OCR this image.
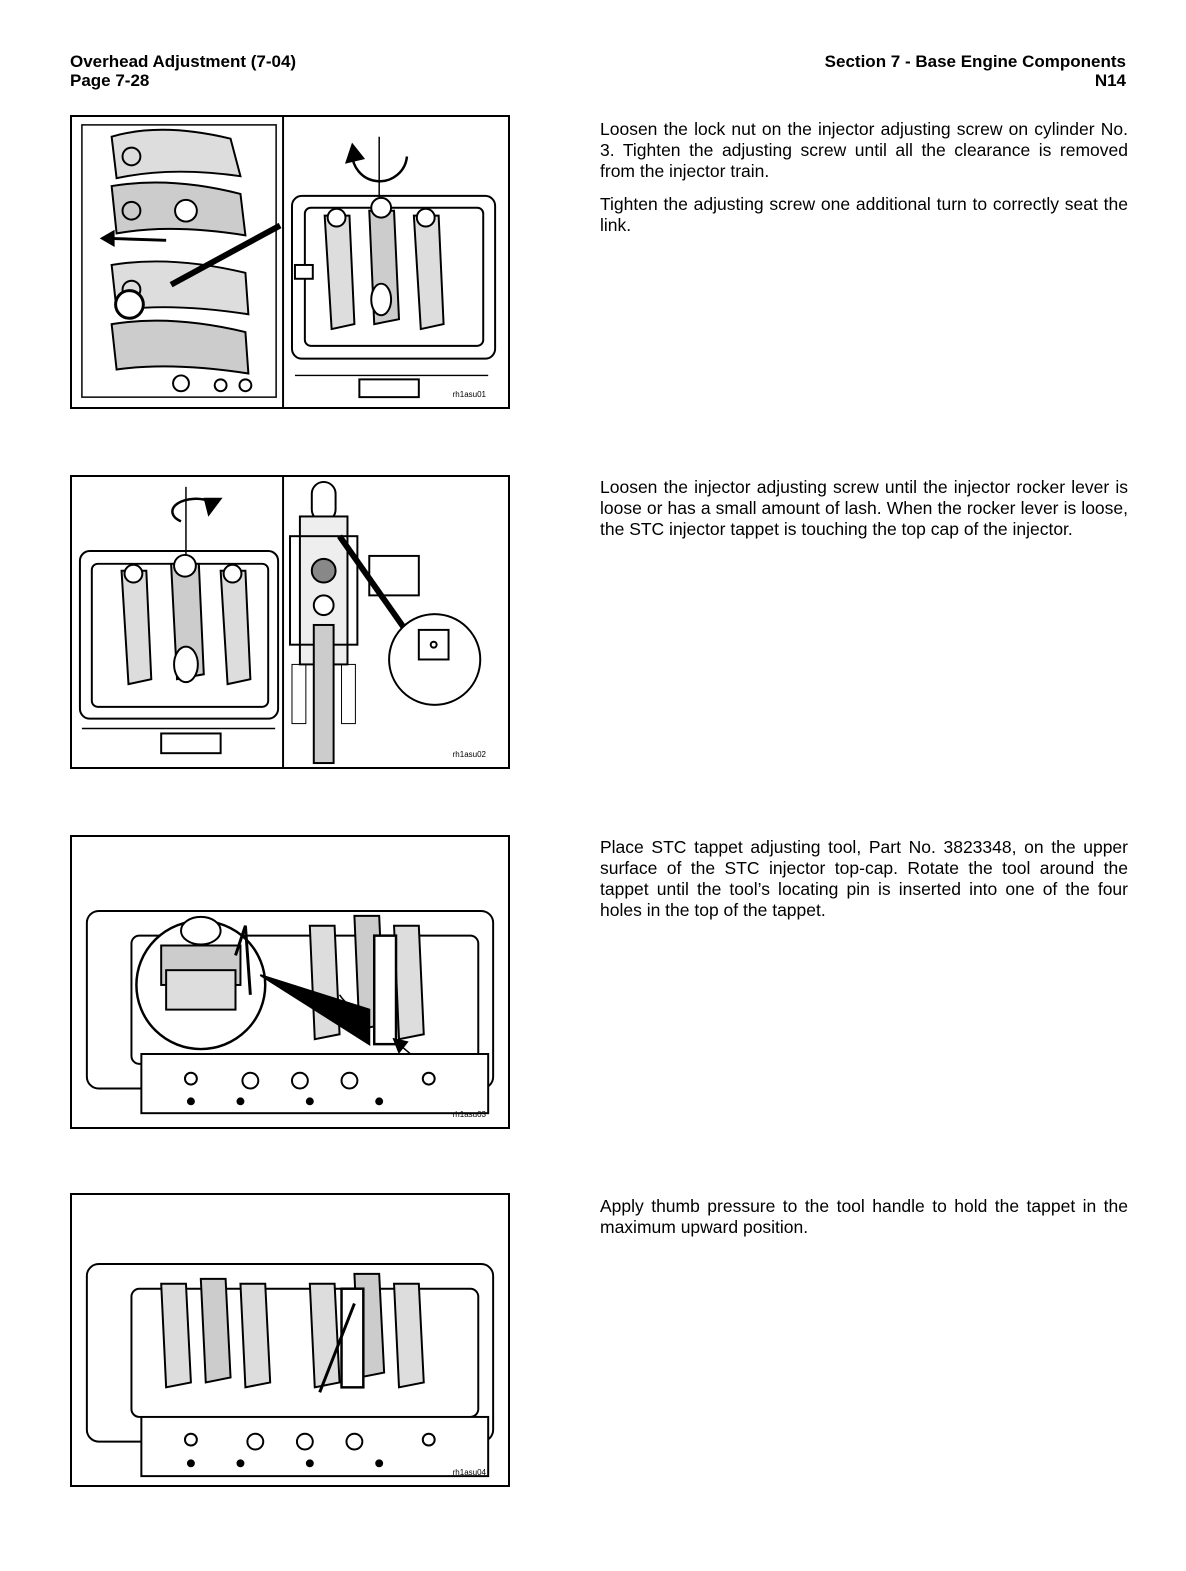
Overhead Adjustment (7-04)
Page 7-28
Section 7 - Base Engine Components
N14
rh1asu01

Loosen the lock nut on the injector adjusting screw on cylinder No. 3. Tighten the adjusting screw until all the clearance is removed from the injector train.

Tighten the adjusting screw one additional turn to correctly seat the link.

rh1asu02

Loosen the injector adjusting screw until the injector rocker lever is loose or has a small amount of lash. When the rocker lever is loose, the STC injector tappet is touching the top cap of the injector.

rh1asu03

Place STC tappet adjusting tool, Part No. 3823348, on the upper surface of the STC injector top-cap. Rotate the tool around the tappet until the tool’s locating pin is inserted into one of the four holes in the top of the tappet.

rh1asu04

Apply thumb pressure to the tool handle to hold the tappet in the maximum upward position.
